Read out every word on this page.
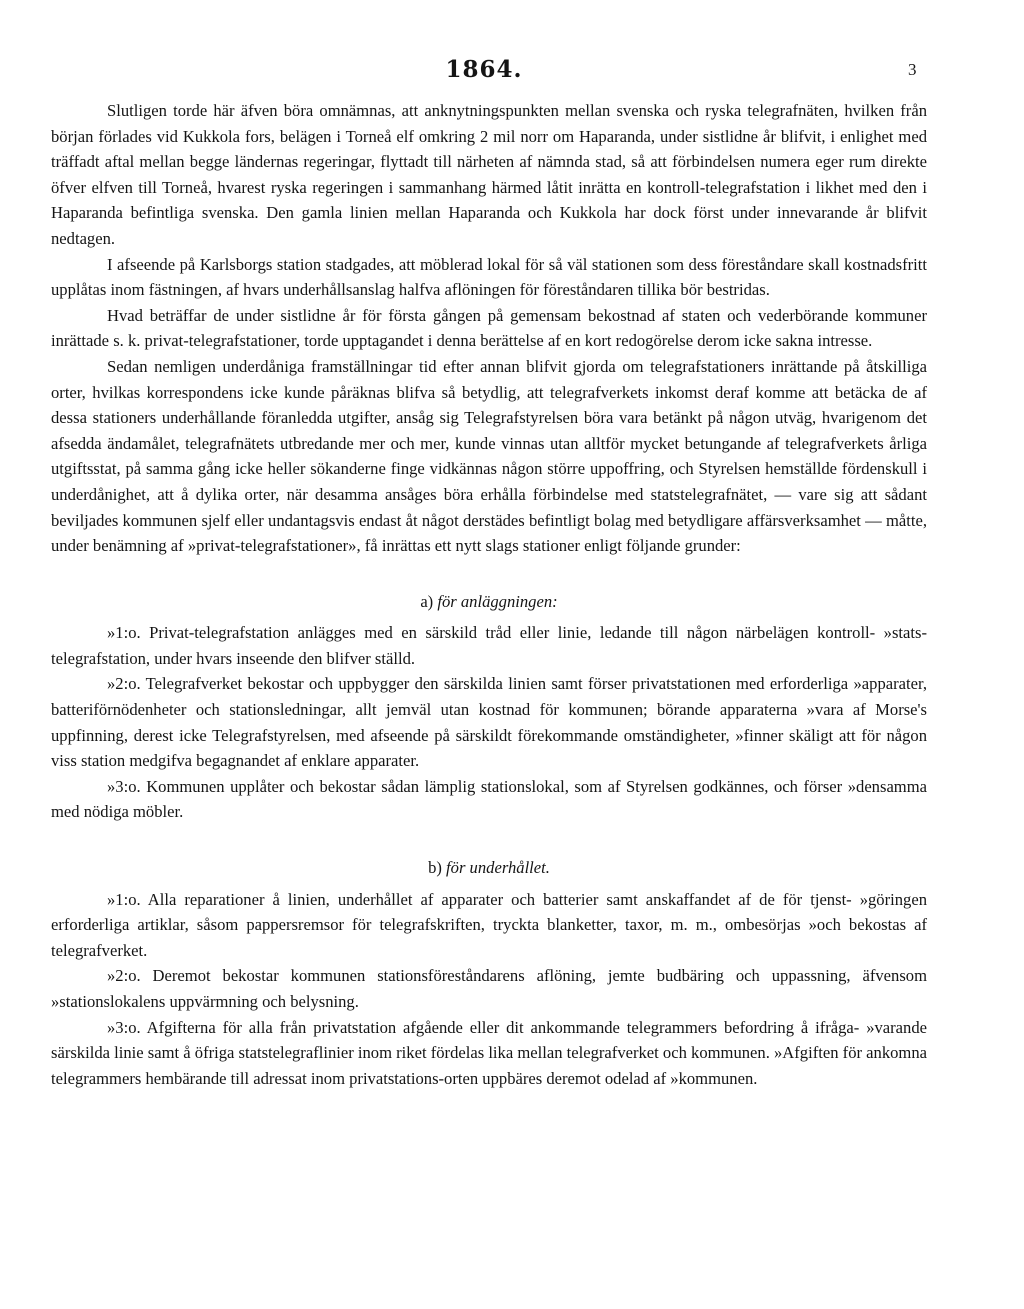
1864.	3

Slutligen torde här äfven böra omnämnas, att anknytningspunkten mellan svenska och ryska telegrafnäten, hvilken från början förlades vid Kukkola fors, belägen i Torneå elf omkring 2 mil norr om Haparanda, under sistlidne år blifvit, i enlighet med träffadt aftal mellan begge ländernas regeringar, flyttadt till närheten af nämnda stad, så att förbindelsen numera eger rum direkte öfver elfven till Torneå, hvarest ryska regeringen i sammanhang härmed låtit inrätta en kontroll-telegrafstation i likhet med den i Haparanda befintliga svenska. Den gamla linien mellan Haparanda och Kukkola har dock först under innevarande år blifvit nedtagen.

I afseende på Karlsborgs station stadgades, att möblerad lokal för så väl stationen som dess föreståndare skall kostnadsfritt upplåtas inom fästningen, af hvars underhållsanslag halfva aflöningen för föreståndaren tillika bör bestridas.

Hvad beträffar de under sistlidne år för första gången på gemensam bekostnad af staten och vederbörande kommuner inrättade s. k. privat-telegrafstationer, torde upptagandet i denna berättelse af en kort redogörelse derom icke sakna intresse.

Sedan nemligen underdåniga framställningar tid efter annan blifvit gjorda om telegrafstationers inrättande på åtskilliga orter, hvilkas korrespondens icke kunde påräknas blifva så betydlig, att telegrafverkets inkomst deraf komme att betäcka de af dessa stationers underhållande föranledda utgifter, ansåg sig Telegrafstyrelsen böra vara betänkt på någon utväg, hvarigenom det afsedda ändamålet, telegrafnätets utbredande mer och mer, kunde vinnas utan alltför mycket betungande af telegrafverkets årliga utgiftsstat, på samma gång icke heller sökanderne finge vidkännas någon större uppoffring, och Styrelsen hemställde fördenskull i underdånighet, att å dylika orter, när desamma ansåges böra erhålla förbindelse med statstelegrafnätet, — vare sig att sådant beviljades kommunen sjelf eller undantagsvis endast åt något derstädes befintligt bolag med betydligare affärsverksamhet — måtte, under benämning af »privat-telegrafstationer», få inrättas ett nytt slags stationer enligt följande grunder:

a) för anläggningen:

»1:o. Privat-telegrafstation anlägges med en särskild tråd eller linie, ledande till någon närbelägen kontroll- »stats-telegrafstation, under hvars inseende den blifver ställd.

»2:o. Telegrafverket bekostar och uppbygger den särskilda linien samt förser privatstationen med erforderliga »apparater, batteriförnödenheter och stationsledningar, allt jemväl utan kostnad för kommunen; börande apparaterna »vara af Morse's uppfinning, derest icke Telegrafstyrelsen, med afseende på särskildt förekommande omständigheter, »finner skäligt att för någon viss station medgifva begagnandet af enklare apparater.

»3:o. Kommunen upplåter och bekostar sådan lämplig stationslokal, som af Styrelsen godkännes, och förser »densamma med nödiga möbler.

b) för underhållet.

»1:o. Alla reparationer å linien, underhållet af apparater och batterier samt anskaffandet af de för tjenst- »göringen erforderliga artiklar, såsom pappersremsor för telegrafskriften, tryckta blanketter, taxor, m. m., ombesörjas »och bekostas af telegrafverket.

»2:o. Deremot bekostar kommunen stationsföreståndarens aflöning, jemte budbäring och uppassning, äfvensom »stationslokalens uppvärmning och belysning.

»3:o. Afgifterna för alla från privatstation afgående eller dit ankommande telegrammers befordring å ifråga- »varande särskilda linie samt å öfriga statstelegraflinier inom riket fördelas lika mellan telegrafverket och kommunen. »Afgiften för ankomna telegrammers hembärande till adressat inom privatstations-orten uppbäres deremot odelad af »kommunen.
